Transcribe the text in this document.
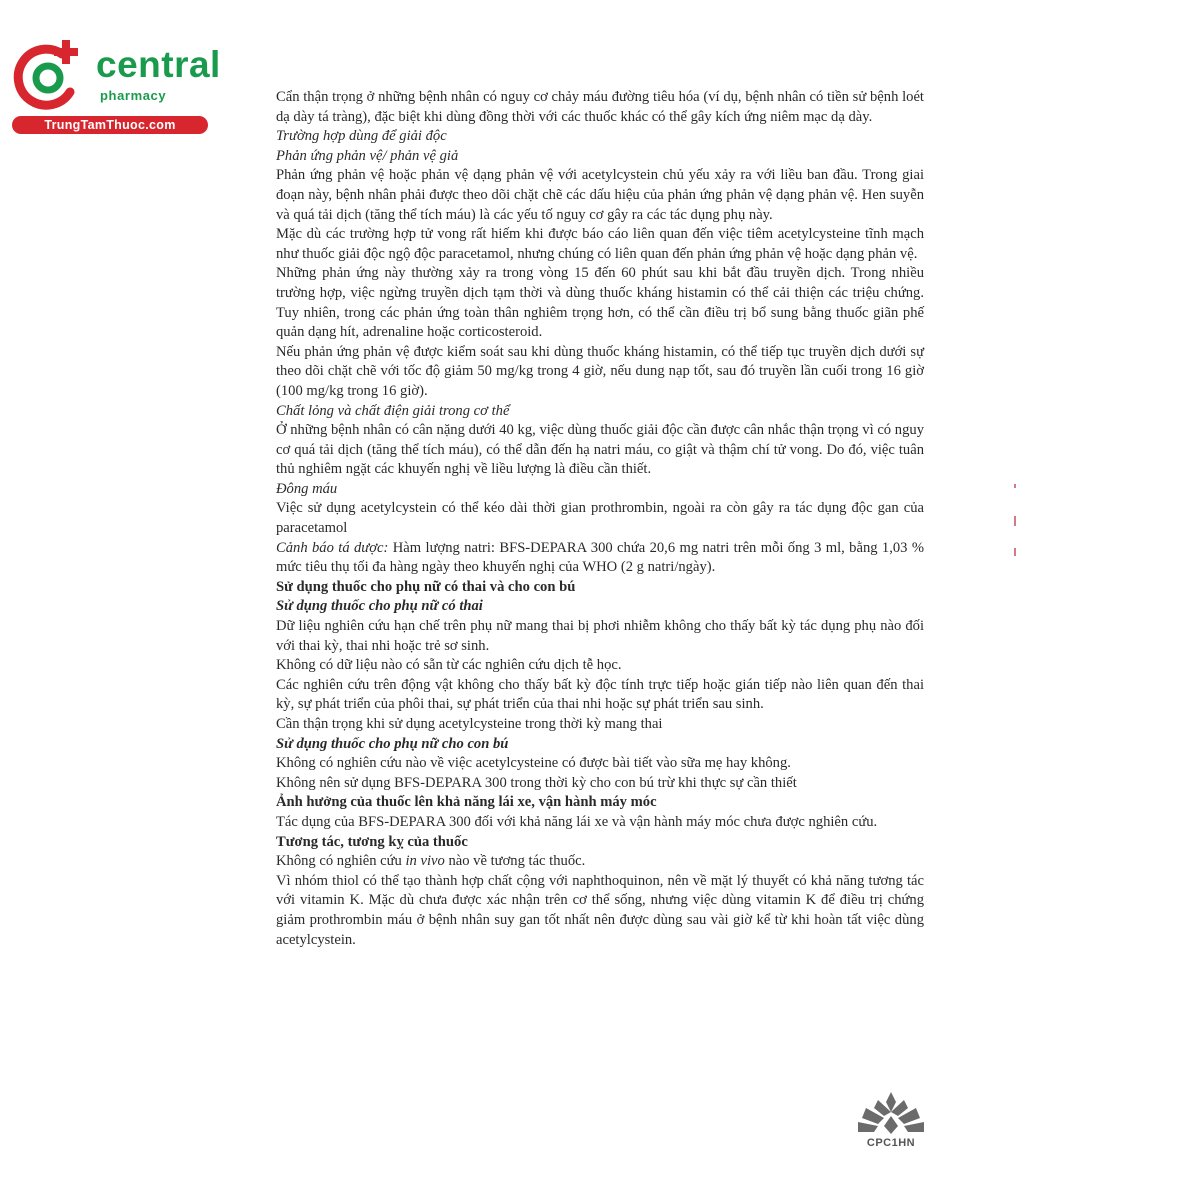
central
pharmacy
TrungTamThuoc.com

Cẩn thận trọng ở những bệnh nhân có nguy cơ chảy máu đường tiêu hóa (ví dụ, bệnh nhân có tiền sử bệnh loét dạ dày tá tràng), đặc biệt khi dùng đồng thời với các thuốc khác có thể gây kích ứng niêm mạc dạ dày.

Trường hợp dùng để giải độc

Phản ứng phản vệ/ phản vệ giả

Phản ứng phản vệ hoặc phản vệ dạng phản vệ với acetylcystein chủ yếu xảy ra với liều ban đầu. Trong giai đoạn này, bệnh nhân phải được theo dõi chặt chẽ các dấu hiệu của phản ứng phản vệ dạng phản vệ. Hen suyễn và quá tải dịch (tăng thể tích máu) là các yếu tố nguy cơ gây ra các tác dụng phụ này.

Mặc dù các trường hợp tử vong rất hiếm khi được báo cáo liên quan đến việc tiêm acetylcysteine tĩnh mạch như thuốc giải độc ngộ độc paracetamol, nhưng chúng có liên quan đến phản ứng phản vệ hoặc dạng phản vệ.

Những phản ứng này thường xảy ra trong vòng 15 đến 60 phút sau khi bắt đầu truyền dịch. Trong nhiều trường hợp, việc ngừng truyền dịch tạm thời và dùng thuốc kháng histamin có thể cải thiện các triệu chứng. Tuy nhiên, trong các phản ứng toàn thân nghiêm trọng hơn, có thể cần điều trị bổ sung bằng thuốc giãn phế quản dạng hít, adrenaline hoặc corticosteroid.

Nếu phản ứng phản vệ được kiểm soát sau khi dùng thuốc kháng histamin, có thể tiếp tục truyền dịch dưới sự theo dõi chặt chẽ với tốc độ giảm 50 mg/kg trong 4 giờ, nếu dung nạp tốt, sau đó truyền lần cuối trong 16 giờ (100 mg/kg trong 16 giờ).

Chất lỏng và chất điện giải trong cơ thể

Ở những bệnh nhân có cân nặng dưới 40 kg, việc dùng thuốc giải độc cần được cân nhắc thận trọng vì có nguy cơ quá tải dịch (tăng thể tích máu), có thể dẫn đến hạ natri máu, co giật và thậm chí tử vong. Do đó, việc tuân thủ nghiêm ngặt các khuyến nghị về liều lượng là điều cần thiết.

Đông máu

Việc sử dụng acetylcystein có thể kéo dài thời gian prothrombin, ngoài ra còn gây ra tác dụng độc gan của paracetamol

Cảnh báo tá dược: Hàm lượng natri: BFS-DEPARA 300 chứa 20,6 mg natri trên mỗi ống 3 ml, bằng 1,03 % mức tiêu thụ tối đa hàng ngày theo khuyến nghị của WHO (2 g natri/ngày).

Sử dụng thuốc cho phụ nữ có thai và cho con bú

Sử dụng thuốc cho phụ nữ có thai

Dữ liệu nghiên cứu hạn chế trên phụ nữ mang thai bị phơi nhiễm không cho thấy bất kỳ tác dụng phụ nào đối với thai kỳ, thai nhi hoặc trẻ sơ sinh.

Không có dữ liệu nào có sẵn từ các nghiên cứu dịch tễ học.

Các nghiên cứu trên động vật không cho thấy bất kỳ độc tính trực tiếp hoặc gián tiếp nào liên quan đến thai kỳ, sự phát triển của phôi thai, sự phát triển của thai nhi hoặc sự phát triển sau sinh.

Cần thận trọng khi sử dụng acetylcysteine trong thời kỳ mang thai

Sử dụng thuốc cho phụ nữ cho con bú

Không có nghiên cứu nào về việc acetylcysteine có được bài tiết vào sữa mẹ hay không.

Không nên sử dụng BFS-DEPARA 300 trong thời kỳ cho con bú trừ khi thực sự cần thiết

Ảnh hưởng của thuốc lên khả năng lái xe, vận hành máy móc

Tác dụng của BFS-DEPARA 300 đối với khả năng lái xe và vận hành máy móc chưa được nghiên cứu.

Tương tác, tương kỵ của thuốc

Không có nghiên cứu in vivo nào về tương tác thuốc.

Vì nhóm thiol có thể tạo thành hợp chất cộng với naphthoquinon, nên về mặt lý thuyết có khả năng tương tác với vitamin K. Mặc dù chưa được xác nhận trên cơ thể sống, nhưng việc dùng vitamin K để điều trị chứng giảm prothrombin máu ở bệnh nhân suy gan tốt nhất nên được dùng sau vài giờ kể từ khi hoàn tất việc dùng acetylcystein.

CPC1HN
